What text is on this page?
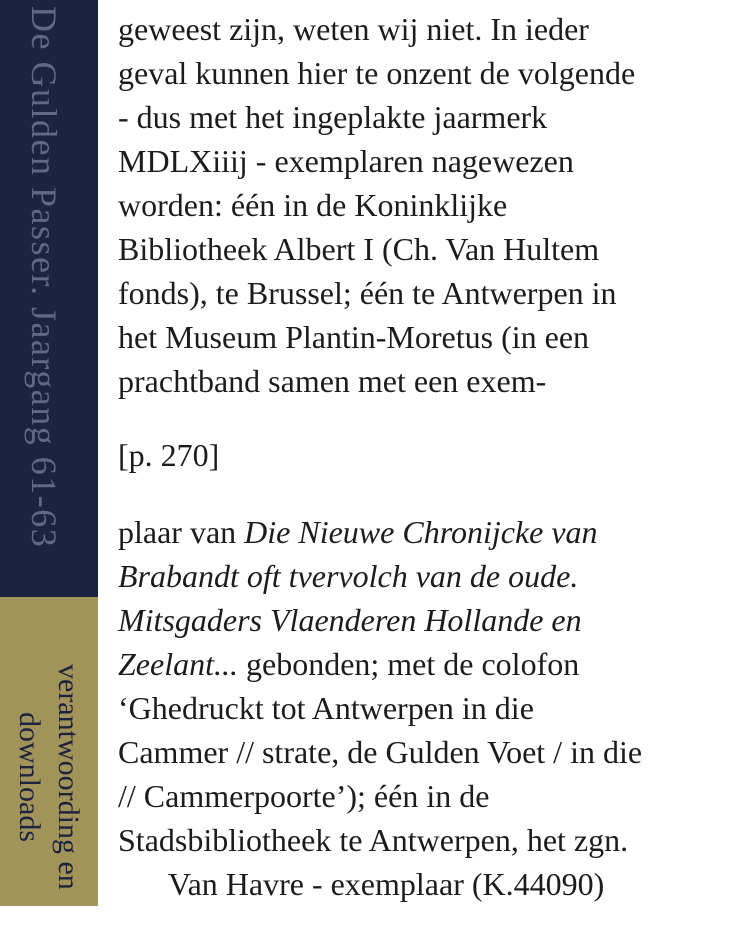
De Gulden Passer. Jaargang 61-63
verantwoording en
downloads
geweest zijn, weten wij niet. In ieder
geval kunnen hier te onzent de volgende
- dus met het ingeplakte jaarmerk
MDLXiiij - exemplaren nagewezen
worden: één in de Koninklijke
Bibliotheek Albert I (Ch. Van Hultem
fonds), te Brussel; één te Antwerpen in
het Museum Plantin-Moretus (in een
prachtband samen met een exem-
[p. 270]
plaar van Die Nieuwe Chronijcke van
Brabandt oft tvervolch van de oude.
Mitsgaders Vlaenderen Hollande en
Zeelant... gebonden; met de colofon
‘Ghedruckt tot Antwerpen in die
Cammer // strate, de Gulden Voet / in die
// Cammerpoorte’); één in de
Stadsbibliotheek te Antwerpen, het zgn.
Van Havre - exemplaar (K.44090)
